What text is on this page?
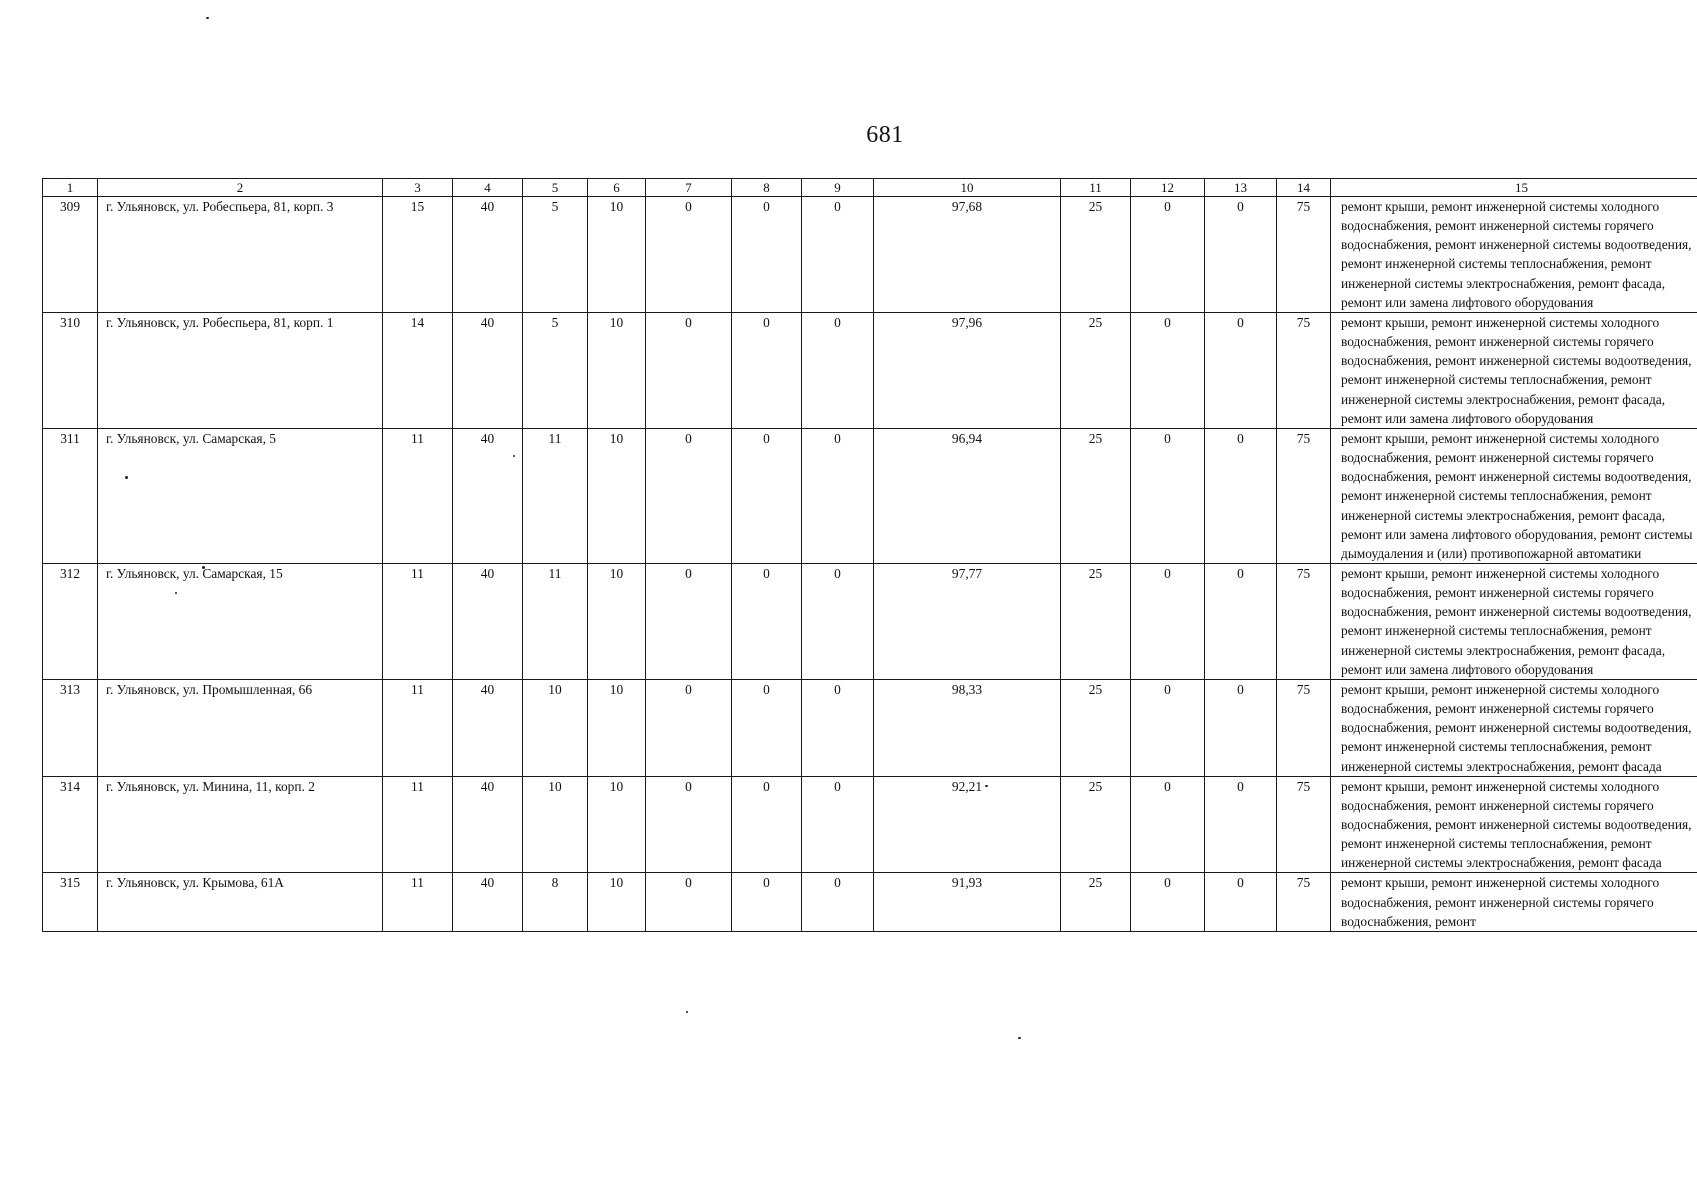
681
1	2	3	4	5	6	7	8	9	10	11	12	13	14	15
309	г. Ульяновск, ул. Робеспьера, 81, корп. 3	15	40	5	10	0	0	0	97,68	25	0	0	75	ремонт крыши, ремонт инженерной системы холодного водоснабжения, ремонт инженерной системы горячего водоснабжения, ремонт инженерной системы водоотведения, ремонт инженерной системы теплоснабжения, ремонт инженерной системы электроснабжения, ремонт фасада, ремонт или замена лифтового оборудования
310	г. Ульяновск, ул. Робеспьера, 81, корп. 1	14	40	5	10	0	0	0	97,96	25	0	0	75	ремонт крыши, ремонт инженерной системы холодного водоснабжения, ремонт инженерной системы горячего водоснабжения, ремонт инженерной системы водоотведения, ремонт инженерной системы теплоснабжения, ремонт инженерной системы электроснабжения, ремонт фасада, ремонт или замена лифтового оборудования
311	г. Ульяновск, ул. Самарская, 5	11	40	11	10	0	0	0	96,94	25	0	0	75	ремонт крыши, ремонт инженерной системы холодного водоснабжения, ремонт инженерной системы горячего водоснабжения, ремонт инженерной системы водоотведения, ремонт инженерной системы теплоснабжения, ремонт инженерной системы электроснабжения, ремонт фасада, ремонт или замена лифтового оборудования, ремонт системы дымоудаления и (или) противопожарной автоматики
312	г. Ульяновск, ул. Самарская, 15	11	40	11	10	0	0	0	97,77	25	0	0	75	ремонт крыши, ремонт инженерной системы холодного водоснабжения, ремонт инженерной системы горячего водоснабжения, ремонт инженерной системы водоотведения, ремонт инженерной системы теплоснабжения, ремонт инженерной системы электроснабжения, ремонт фасада, ремонт или замена лифтового оборудования
313	г. Ульяновск, ул. Промышленная, 66	11	40	10	10	0	0	0	98,33	25	0	0	75	ремонт крыши, ремонт инженерной системы холодного водоснабжения, ремонт инженерной системы горячего водоснабжения, ремонт инженерной системы водоотведения, ремонт инженерной системы теплоснабжения, ремонт инженерной системы электроснабжения, ремонт фасада
314	г. Ульяновск, ул. Минина, 11, корп. 2	11	40	10	10	0	0	0	92,21	25	0	0	75	ремонт крыши, ремонт инженерной системы холодного водоснабжения, ремонт инженерной системы горячего водоснабжения, ремонт инженерной системы водоотведения, ремонт инженерной системы теплоснабжения, ремонт инженерной системы электроснабжения, ремонт фасада
315	г. Ульяновск, ул. Крымова, 61А	11	40	8	10	0	0	0	91,93	25	0	0	75	ремонт крыши, ремонт инженерной системы холодного водоснабжения, ремонт инженерной системы горячего водоснабжения, ремонт
